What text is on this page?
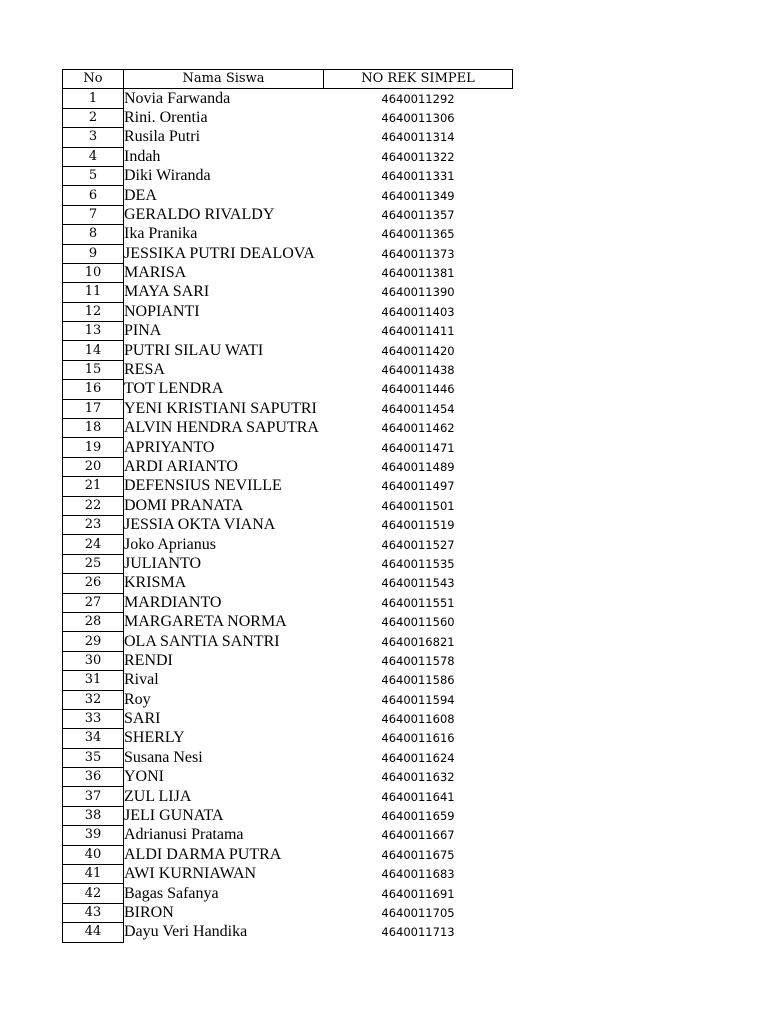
No	Nama Siswa	NO REK SIMPEL
1	Novia Farwanda	4640011292
2	Rini. Orentia	4640011306
3	Rusila Putri	4640011314
4	Indah	4640011322
5	Diki Wiranda	4640011331
6	DEA	4640011349
7	GERALDO RIVALDY	4640011357
8	Ika Pranika	4640011365
9	JESSIKA PUTRI DEALOVA	4640011373
10	MARISA	4640011381
11	MAYA SARI	4640011390
12	NOPIANTI	4640011403
13	PINA	4640011411
14	PUTRI SILAU WATI	4640011420
15	RESA	4640011438
16	TOT LENDRA	4640011446
17	YENI KRISTIANI SAPUTRI	4640011454
18	ALVIN HENDRA SAPUTRA	4640011462
19	APRIYANTO	4640011471
20	ARDI ARIANTO	4640011489
21	DEFENSIUS NEVILLE	4640011497
22	DOMI PRANATA	4640011501
23	JESSIA OKTA VIANA	4640011519
24	Joko Aprianus	4640011527
25	JULIANTO	4640011535
26	KRISMA	4640011543
27	MARDIANTO	4640011551
28	MARGARETA NORMA	4640011560
29	OLA SANTIA SANTRI	4640016821
30	RENDI	4640011578
31	Rival	4640011586
32	Roy	4640011594
33	SARI	4640011608
34	SHERLY	4640011616
35	Susana Nesi	4640011624
36	YONI	4640011632
37	ZUL LIJA	4640011641
38	JELI GUNATA	4640011659
39	Adrianusi Pratama	4640011667
40	ALDI DARMA PUTRA	4640011675
41	AWI KURNIAWAN	4640011683
42	Bagas Safanya	4640011691
43	BIRON	4640011705
44	Dayu Veri Handika	4640011713
